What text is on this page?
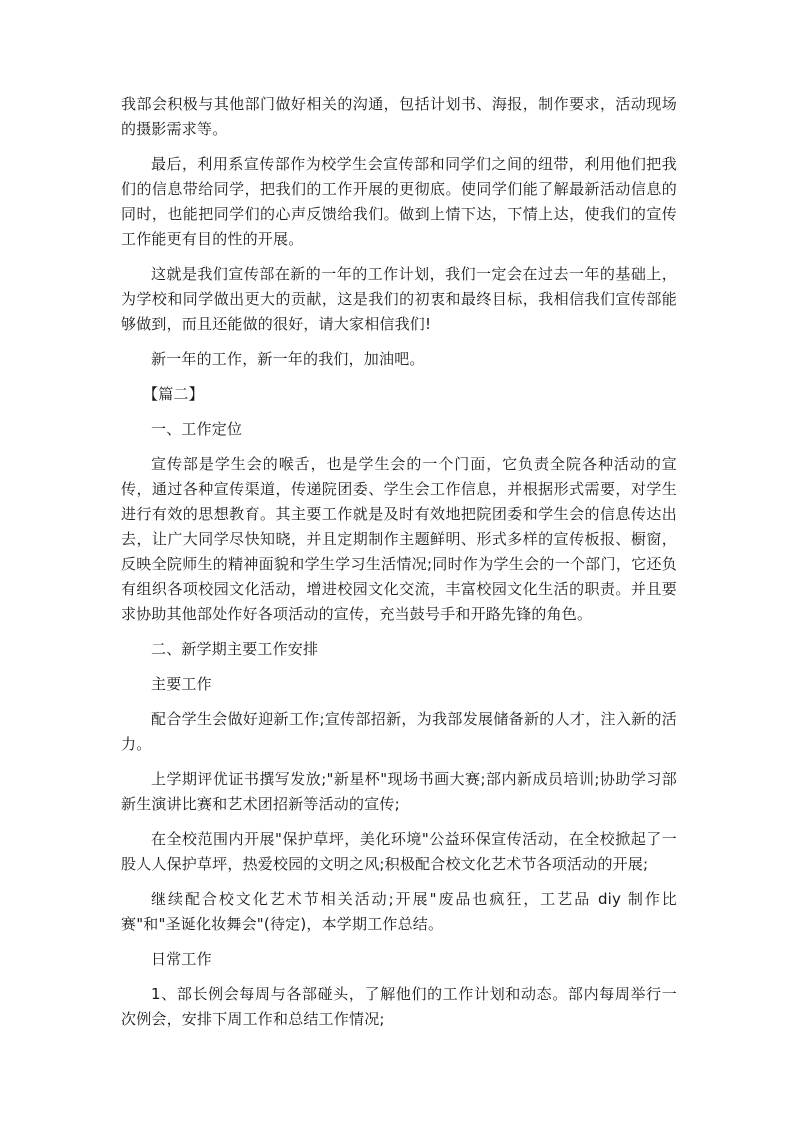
我部会积极与其他部门做好相关的沟通，包括计划书、海报，制作要求，活动现场的摄影需求等。

最后，利用系宣传部作为校学生会宣传部和同学们之间的纽带，利用他们把我们的信息带给同学，把我们的工作开展的更彻底。使同学们能了解最新活动信息的同时，也能把同学们的心声反馈给我们。做到上情下达，下情上达，使我们的宣传工作能更有目的性的开展。

这就是我们宣传部在新的一年的工作计划，我们一定会在过去一年的基础上，为学校和同学做出更大的贡献，这是我们的初衷和最终目标，我相信我们宣传部能够做到，而且还能做的很好，请大家相信我们!

新一年的工作，新一年的我们，加油吧。

【篇二】

一、工作定位

宣传部是学生会的喉舌，也是学生会的一个门面，它负责全院各种活动的宣传，通过各种宣传渠道，传递院团委、学生会工作信息，并根据形式需要，对学生进行有效的思想教育。其主要工作就是及时有效地把院团委和学生会的信息传达出去，让广大同学尽快知晓，并且定期制作主题鲜明、形式多样的宣传板报、橱窗，反映全院师生的精神面貌和学生学习生活情况;同时作为学生会的一个部门，它还负有组织各项校园文化活动，增进校园文化交流，丰富校园文化生活的职责。并且要求协助其他部处作好各项活动的宣传，充当鼓号手和开路先锋的角色。

二、新学期主要工作安排

主要工作

配合学生会做好迎新工作;宣传部招新，为我部发展储备新的人才，注入新的活力。

上学期评优证书撰写发放;"新星杯"现场书画大赛;部内新成员培训;协助学习部新生演讲比赛和艺术团招新等活动的宣传;

在全校范围内开展"保护草坪，美化环境"公益环保宣传活动，在全校掀起了一股人人保护草坪，热爱校园的文明之风;积极配合校文化艺术节各项活动的开展;

继续配合校文化艺术节相关活动;开展"废品也疯狂，工艺品 diy 制作比赛"和"圣诞化妆舞会"(待定)，本学期工作总结。

日常工作

1、部长例会每周与各部碰头，了解他们的工作计划和动态。部内每周举行一次例会，安排下周工作和总结工作情况;
